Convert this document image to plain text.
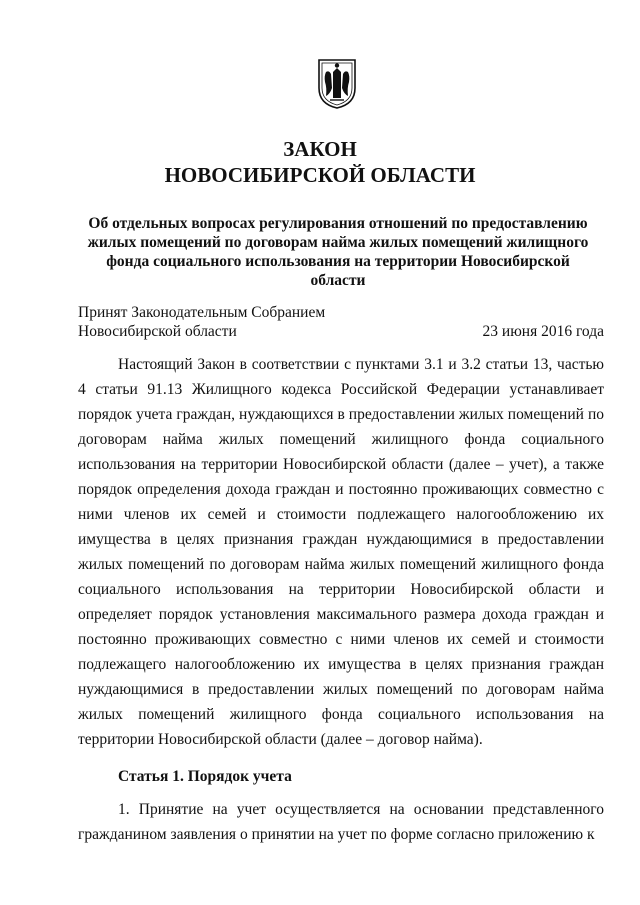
ЗАКОН
НОВОСИБИРСКОЙ ОБЛАСТИ
Об отдельных вопросах регулирования отношений по предоставлению жилых помещений по договорам найма жилых помещений жилищного фонда социального использования на территории Новосибирской области
Принят Законодательным Собранием
Новосибирской области	23 июня 2016 года

Настоящий Закон в соответствии с пунктами 3.1 и 3.2 статьи 13, частью 4 статьи 91.13 Жилищного кодекса Российской Федерации устанавливает порядок учета граждан, нуждающихся в предоставлении жилых помещений по договорам найма жилых помещений жилищного фонда социального использования на территории Новосибирской области (далее – учет), а также порядок определения дохода граждан и постоянно проживающих совместно с ними членов их семей и стоимости подлежащего налогообложению их имущества в целях признания граждан нуждающимися в предоставлении жилых помещений по договорам найма жилых помещений жилищного фонда социального использования на территории Новосибирской области и определяет порядок установления максимального размера дохода граждан и постоянно проживающих совместно с ними членов их семей и стоимости подлежащего налогообложению их имущества в целях признания граждан нуждающимися в предоставлении жилых помещений по договорам найма жилых помещений жилищного фонда социального использования на территории Новосибирской области (далее – договор найма).

Статья 1. Порядок учета

1. Принятие на учет осуществляется на основании представленного гражданином заявления о принятии на учет по форме согласно приложению к
